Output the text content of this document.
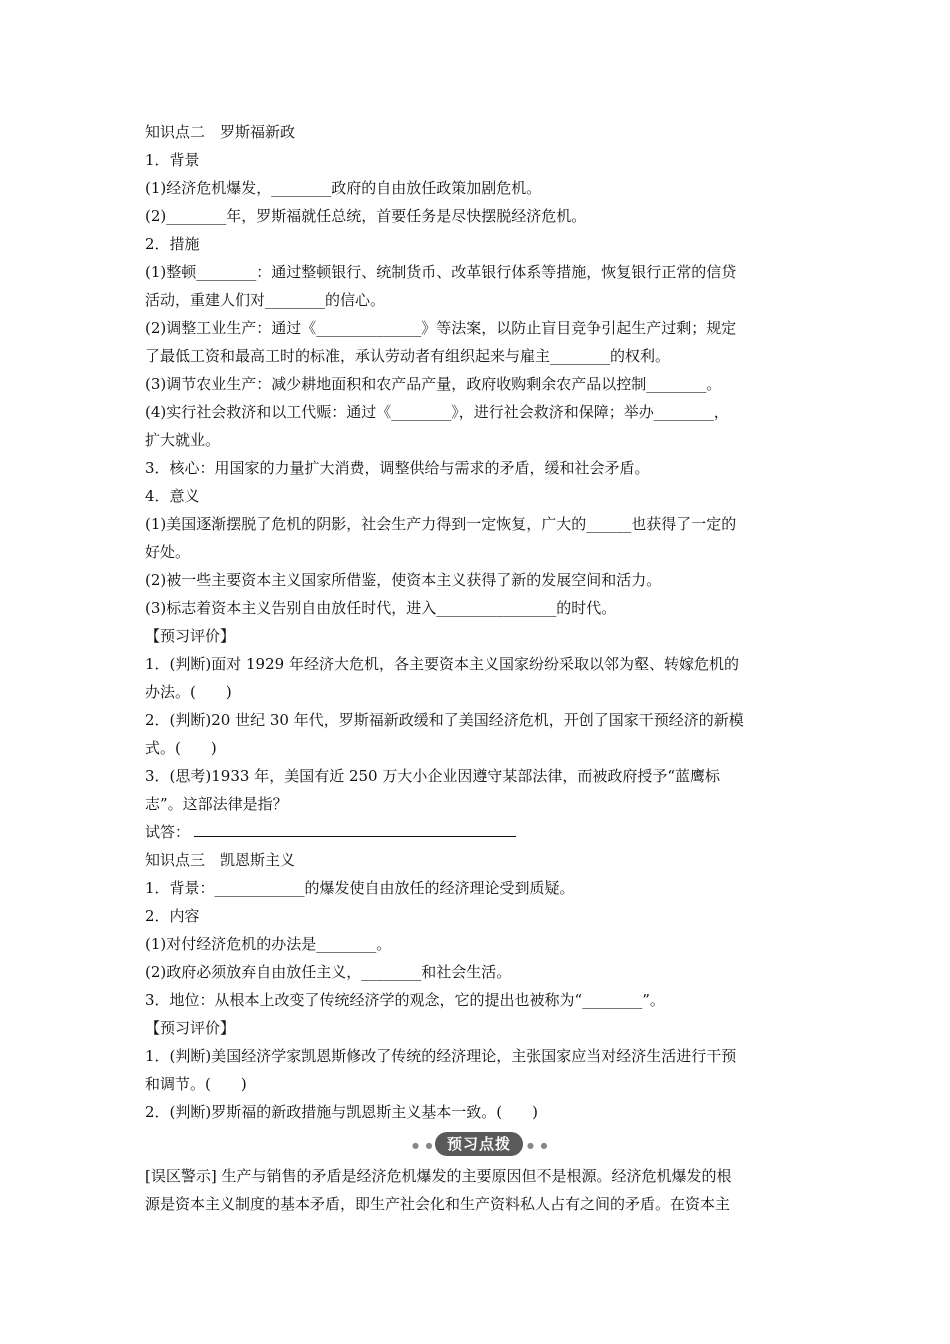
知识点二　罗斯福新政
1．背景
(1)经济危机爆发，________政府的自由放任政策加剧危机。
(2)________年，罗斯福就任总统，首要任务是尽快摆脱经济危机。
2．措施
(1)整顿________：通过整顿银行、统制货币、改革银行体系等措施，恢复银行正常的信贷
活动，重建人们对________的信心。
(2)调整工业生产：通过《______________》等法案，以防止盲目竞争引起生产过剩；规定
了最低工资和最高工时的标准，承认劳动者有组织起来与雇主________的权利。
(3)调节农业生产：减少耕地面积和农产品产量，政府收购剩余农产品以控制________。
(4)实行社会救济和以工代赈：通过《________》，进行社会救济和保障；举办________，
扩大就业。
3．核心：用国家的力量扩大消费，调整供给与需求的矛盾，缓和社会矛盾。
4．意义
(1)美国逐渐摆脱了危机的阴影，社会生产力得到一定恢复，广大的______也获得了一定的
好处。
(2)被一些主要资本主义国家所借鉴，使资本主义获得了新的发展空间和活力。
(3)标志着资本主义告别自由放任时代，进入________________的时代。
【预习评价】
1．(判断)面对 1929 年经济大危机，各主要资本主义国家纷纷采取以邻为壑、转嫁危机的
办法。(　　)
2．(判断)20 世纪 30 年代，罗斯福新政缓和了美国经济危机，开创了国家干预经济的新模
式。(　　)
3．(思考)1933 年，美国有近 250 万大小企业因遵守某部法律，而被政府授予“蓝鹰标
志”。这部法律是指？
试答：
知识点三　凯恩斯主义
1．背景：____________的爆发使自由放任的经济理论受到质疑。
2．内容
(1)对付经济危机的办法是________。
(2)政府必须放弃自由放任主义，________和社会生活。
3．地位：从根本上改变了传统经济学的观念，它的提出也被称为“________”。
【预习评价】
1．(判断)美国经济学家凯恩斯修改了传统的经济理论，主张国家应当对经济生活进行干预
和调节。(　　)
2．(判断)罗斯福的新政措施与凯恩斯主义基本一致。(　　)
● ● 预习点拨	● ●
[误区警示] 生产与销售的矛盾是经济危机爆发的主要原因但不是根源。经济危机爆发的根
源是资本主义制度的基本矛盾，即生产社会化和生产资料私人占有之间的矛盾。在资本主
